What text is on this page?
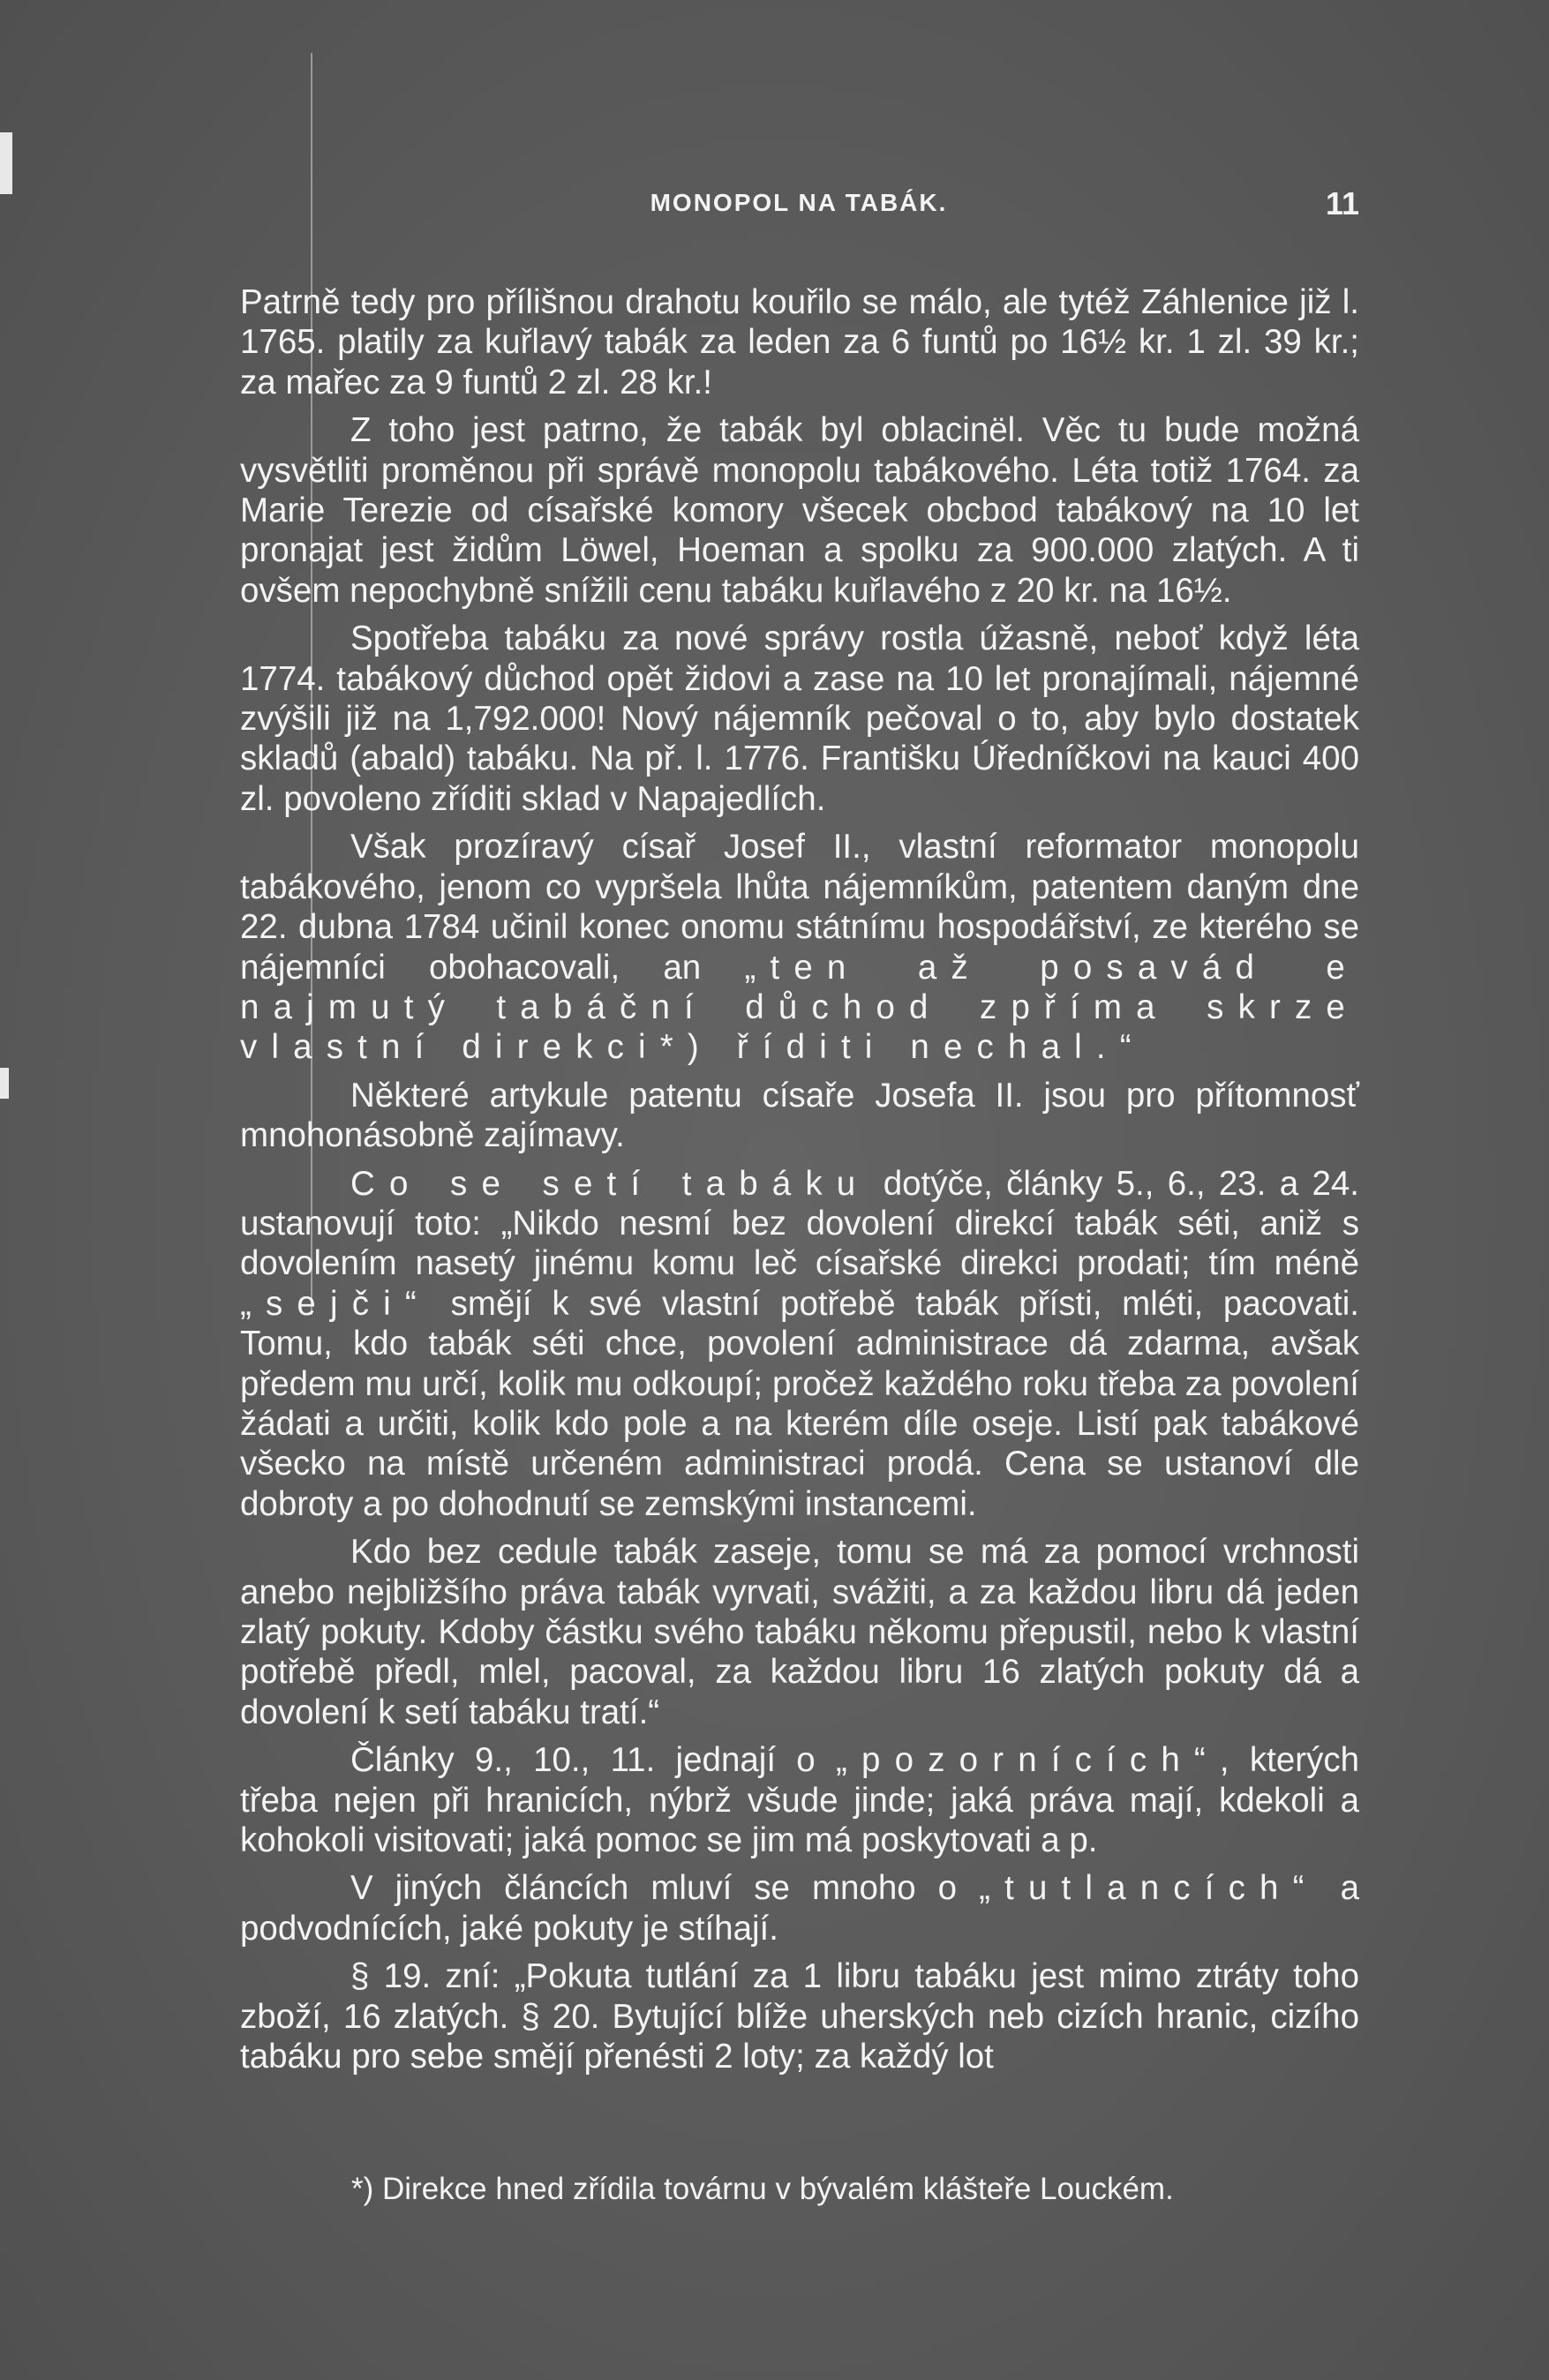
MONOPOL NA TABÁK.	11

Patrně tedy pro přílišnou drahotu kouřilo se málo, ale tytéž Záhlenice již l. 1765. platily za kuřlavý tabák za leden za 6 funtů po 16½ kr. 1 zl. 39 kr.; za mařec za 9 funtů 2 zl. 28 kr.!

Z toho jest patrno, že tabák byl oblacinël. Věc tu bude možná vysvětliti proměnou při správě monopolu tabákového. Léta totiž 1764. za Marie Terezie od císařské komory všecek obcbod tabákový na 10 let pronajat jest židům Löwel, Hoeman a spolku za 900.000 zlatých. A ti ovšem nepochybně snížili cenu tabáku kuřlavého z 20 kr. na 16½.

Spotřeba tabáku za nové správy rostla úžasně, neboť když léta 1774. tabákový důchod opět židovi a zase na 10 let pronajímali, nájemné zvýšili již na 1,792.000! Nový nájemník pečoval o to, aby bylo dostatek skladů (abald) tabáku. Na př. l. 1776. Františku Úředníčkovi na kauci 400 zl. povoleno zříditi sklad v Napajedlích.

Však prozíravý císař Josef II., vlastní reformator monopolu tabákového, jenom co vypršela lhůta nájemníkům, patentem daným dne 22. dubna 1784 učinil konec onomu státnímu hospodářství, ze kterého se nájemníci obohacovali, an „ten až posavád e najmutý tabáční důchod zpříma skrze vlastní direkci*) říditi nechal.“

Některé artykule patentu císaře Josefa II. jsou pro přítomnosť mnohonásobně zajímavy.

Co se setí tabáku dotýče, články 5., 6., 23. a 24. ustanovují toto: „Nikdo nesmí bez dovolení direkcí tabák séti, aniž s dovolením nasetý jinému komu leč císařské direkci prodati; tím méně „sejči“ smějí k své vlastní potřebě tabák přísti, mléti, pacovati. Tomu, kdo tabák séti chce, povolení administrace dá zdarma, avšak předem mu určí, kolik mu odkoupí; pročež každého roku třeba za povolení žádati a určiti, kolik kdo pole a na kterém díle oseje. Listí pak tabákové všecko na místě určeném administraci prodá. Cena se ustanoví dle dobroty a po dohodnutí se zemskými instancemi.

Kdo bez cedule tabák zaseje, tomu se má za pomocí vrchnosti anebo nejbližšího práva tabák vyrvati, svážiti, a za každou libru dá jeden zlatý pokuty. Kdoby částku svého tabáku někomu přepustil, nebo k vlastní potřebě předl, mlel, pacoval, za každou libru 16 zlatých pokuty dá a dovolení k setí tabáku tratí.“

Články 9., 10., 11. jednají o „pozornících“, kterých třeba nejen při hranicích, nýbrž všude jinde; jaká práva mají, kdekoli a kohokoli visitovati; jaká pomoc se jim má poskytovati a p.

V jiných článcích mluví se mnoho o „tutlancích“ a podvodnících, jaké pokuty je stíhají.

§ 19. zní: „Pokuta tutlání za 1 libru tabáku jest mimo ztráty toho zboží, 16 zlatých. § 20. Bytující blíže uherských neb cizích hranic, cizího tabáku pro sebe smějí přenésti 2 loty; za každý lot

*) Direkce hned zřídila továrnu v bývalém klášteře Louckém.
